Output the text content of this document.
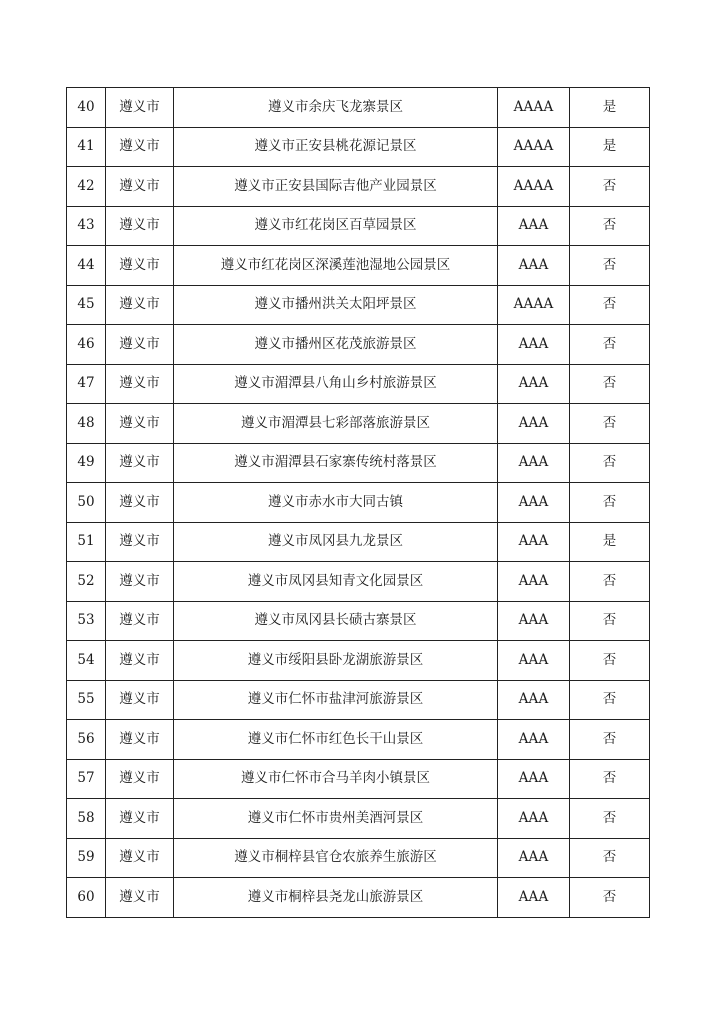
40	遵义市	遵义市余庆飞龙寨景区	AAAA	是
41	遵义市	遵义市正安县桃花源记景区	AAAA	是
42	遵义市	遵义市正安县国际吉他产业园景区	AAAA	否
43	遵义市	遵义市红花岗区百草园景区	AAA	否
44	遵义市	遵义市红花岗区深溪莲池湿地公园景区	AAA	否
45	遵义市	遵义市播州洪关太阳坪景区	AAAA	否
46	遵义市	遵义市播州区花茂旅游景区	AAA	否
47	遵义市	遵义市湄潭县八角山乡村旅游景区	AAA	否
48	遵义市	遵义市湄潭县七彩部落旅游景区	AAA	否
49	遵义市	遵义市湄潭县石家寨传统村落景区	AAA	否
50	遵义市	遵义市赤水市大同古镇	AAA	否
51	遵义市	遵义市凤冈县九龙景区	AAA	是
52	遵义市	遵义市凤冈县知青文化园景区	AAA	否
53	遵义市	遵义市凤冈县长碛古寨景区	AAA	否
54	遵义市	遵义市绥阳县卧龙湖旅游景区	AAA	否
55	遵义市	遵义市仁怀市盐津河旅游景区	AAA	否
56	遵义市	遵义市仁怀市红色长干山景区	AAA	否
57	遵义市	遵义市仁怀市合马羊肉小镇景区	AAA	否
58	遵义市	遵义市仁怀市贵州美酒河景区	AAA	否
59	遵义市	遵义市桐梓县官仓农旅养生旅游区	AAA	否
60	遵义市	遵义市桐梓县尧龙山旅游景区	AAA	否
